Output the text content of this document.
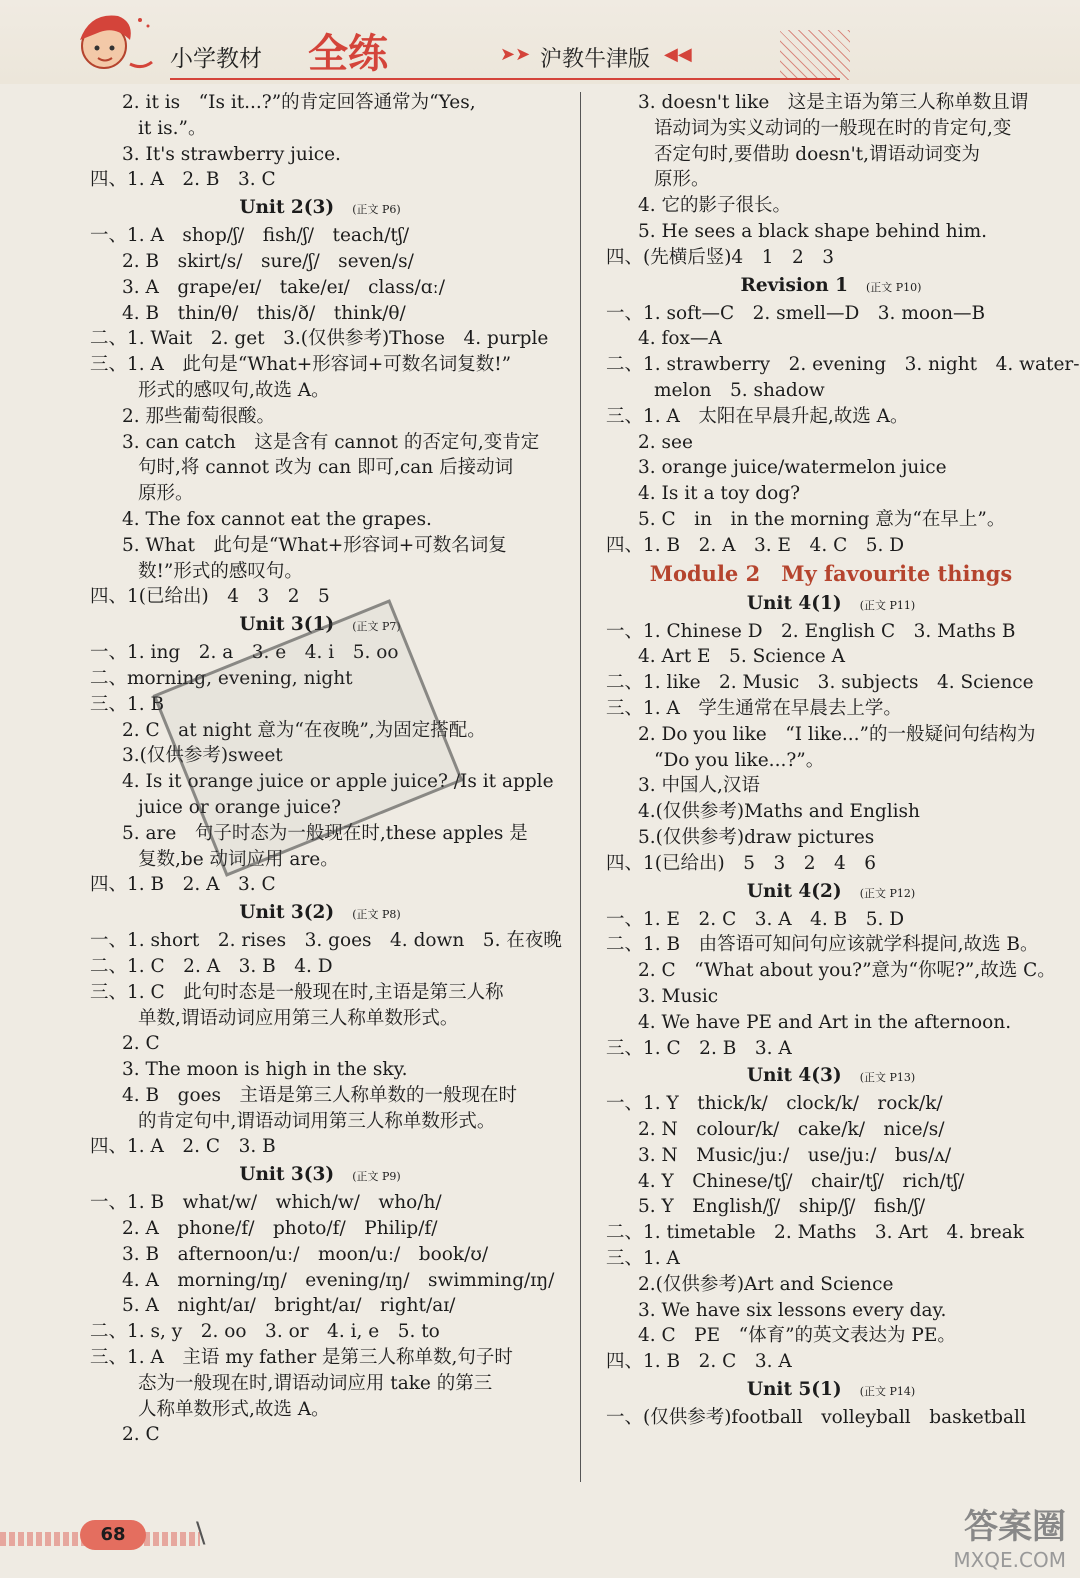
小学教材 全练	➤➤ 沪教牛津版 ◀◀
2. it is　“Is it...?”的肯定回答通常为“Yes,
it is.”。
3. It's strawberry juice.
四、1. A　2. B　3. C
Unit 2(3) (正文 P6)
一、1. A　shop/ʃ/　fish/ʃ/　teach/tʃ/
2. B　skirt/s/　sure/ʃ/　seven/s/
3. A　grape/eɪ/　take/eɪ/　class/ɑː/
4. B　thin/θ/　this/ð/　think/θ/
二、1. Wait　2. get　3.(仅供参考)Those　4. purple
三、1. A　此句是“What+形容词+可数名词复数!”
形式的感叹句,故选 A。
2. 那些葡萄很酸。
3. can catch　这是含有 cannot 的否定句,变肯定
句时,将 cannot 改为 can 即可,can 后接动词
原形。
4. The fox cannot eat the grapes.
5. What　此句是“What+形容词+可数名词复
数!”形式的感叹句。
四、1(已给出)　4　3　2　5
Unit 3(1) (正文 P7)
一、1. ing　2. a　3. e　4. i　5. oo
二、morning, evening, night
三、1. B
2. C　at night 意为“在夜晚”,为固定搭配。
3.(仅供参考)sweet
4. Is it orange juice or apple juice? /Is it apple
juice or orange juice?
5. are　句子时态为一般现在时,these apples 是
复数,be 动词应用 are。
四、1. B　2. A　3. C
Unit 3(2) (正文 P8)
一、1. short　2. rises　3. goes　4. down　5. 在夜晚
二、1. C　2. A　3. B　4. D
三、1. C　此句时态是一般现在时,主语是第三人称
单数,谓语动词应用第三人称单数形式。
2. C
3. The moon is high in the sky.
4. B　goes　主语是第三人称单数的一般现在时
的肯定句中,谓语动词用第三人称单数形式。
四、1. A　2. C　3. B
Unit 3(3) (正文 P9)
一、1. B　what/w/　which/w/　who/h/
2. A　phone/f/　photo/f/　Philip/f/
3. B　afternoon/uː/　moon/uː/　book/ʊ/
4. A　morning/ɪŋ/　evening/ɪŋ/　swimming/ɪŋ/
5. A　night/aɪ/　bright/aɪ/　right/aɪ/
二、1. s, y　2. oo　3. or　4. i, e　5. to
三、1. A　主语 my father 是第三人称单数,句子时
态为一般现在时,谓语动词应用 take 的第三
人称单数形式,故选 A。
2. C
3. doesn't like　这是主语为第三人称单数且谓
语动词为实义动词的一般现在时的肯定句,变
否定句时,要借助 doesn't,谓语动词变为
原形。
4. 它的影子很长。
5. He sees a black shape behind him.
四、(先横后竖)4　1　2　3
Revision 1 (正文 P10)
一、1. soft—C　2. smell—D　3. moon—B
4. fox—A
二、1. strawberry　2. evening　3. night　4. water-
melon　5. shadow
三、1. A　太阳在早晨升起,故选 A。
2. see
3. orange juice/watermelon juice
4. Is it a toy dog?
5. C　in　in the morning 意为“在早上”。
四、1. B　2. A　3. E　4. C　5. D
Module 2　My favourite things
Unit 4(1) (正文 P11)
一、1. Chinese D　2. English C　3. Maths B
4. Art E　5. Science A
二、1. like　2. Music　3. subjects　4. Science
三、1. A　学生通常在早晨去上学。
2. Do you like　“I like...”的一般疑问句结构为
“Do you like...?”。
3. 中国人,汉语
4.(仅供参考)Maths and English
5.(仅供参考)draw pictures
四、1(已给出)　5　3　2　4　6
Unit 4(2) (正文 P12)
一、1. E　2. C　3. A　4. B　5. D
二、1. B　由答语可知问句应该就学科提问,故选 B。
2. C　“What about you?”意为“你呢?”,故选 C。
3. Music
4. We have PE and Art in the afternoon.
三、1. C　2. B　3. A
Unit 4(3) (正文 P13)
一、1. Y　thick/k/　clock/k/　rock/k/
2. N　colour/k/　cake/k/　nice/s/
3. N　Music/juː/　use/juː/　bus/ʌ/
4. Y　Chinese/tʃ/　chair/tʃ/　rich/tʃ/
5. Y　English/ʃ/　ship/ʃ/　fish/ʃ/
二、1. timetable　2. Maths　3. Art　4. break
三、1. A
2.(仅供参考)Art and Science
3. We have six lessons every day.
4. C　PE　“体育”的英文表达为 PE。
四、1. B　2. C　3. A
Unit 5(1) (正文 P14)
一、(仅供参考)football　volleyball　basketball
68	\	答案圈
MXQE.COM
